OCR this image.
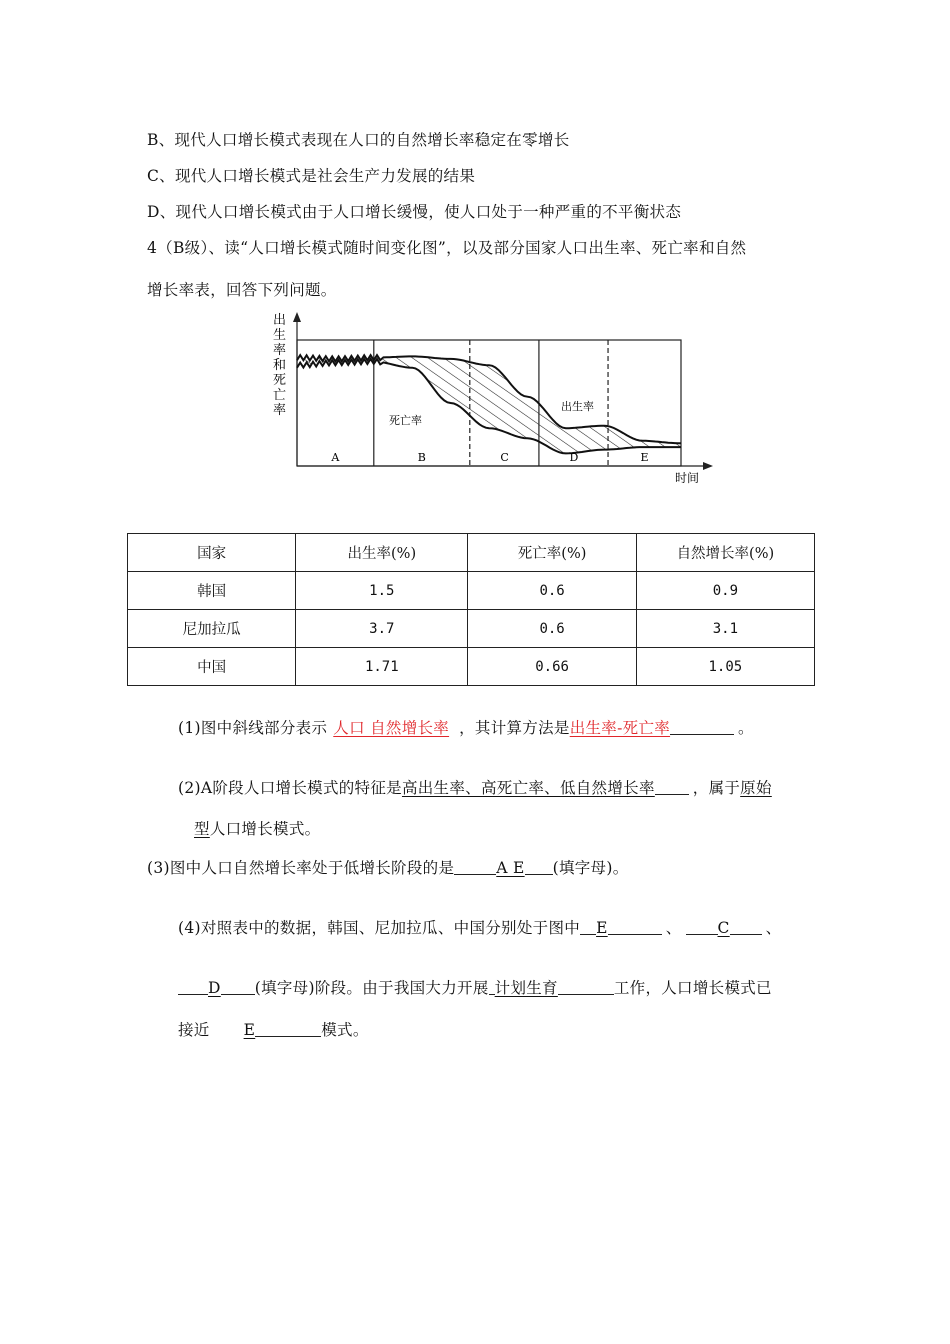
B、现代人口增长模式表现在人口的自然增长率稳定在零增长
C、现代人口增长模式是社会生产力发展的结果
D、现代人口增长模式由于人口增长缓慢，使人口处于一种严重的不平衡状态
4（B级）、读“人口增长模式随时间变化图”，以及部分国家人口出生率、死亡率和自然
增长率表，回答下列问题。
出
生
率
和
死
亡
率
A	B	C	D	E
出生率
死亡率
时间
国家	出生率(%)	死亡率(%)	自然增长率(%)
韩国	1.5	0.6	0.9
尼加拉瓜	3.7	0.6	3.1
中国	1.71	0.66	1.05
(1)图中斜线部分表示 人口 自然增长率 ，其计算方法是出生率-死亡率	。
(2)A阶段人口增长模式的特征是高出生率、高死亡率、低自然增长率 ，属于原始
型人口增长模式。
(3)图中人口自然增长率处于低增长阶段的是	A E (填字母)。
(4)对照表中的数据，韩国、尼加拉瓜、中国分别处于图中 E	、 C 、
D (填字母)阶段。由于我国大力开展 计划生育	工作，人口增长模式已
接近 E	模式。
